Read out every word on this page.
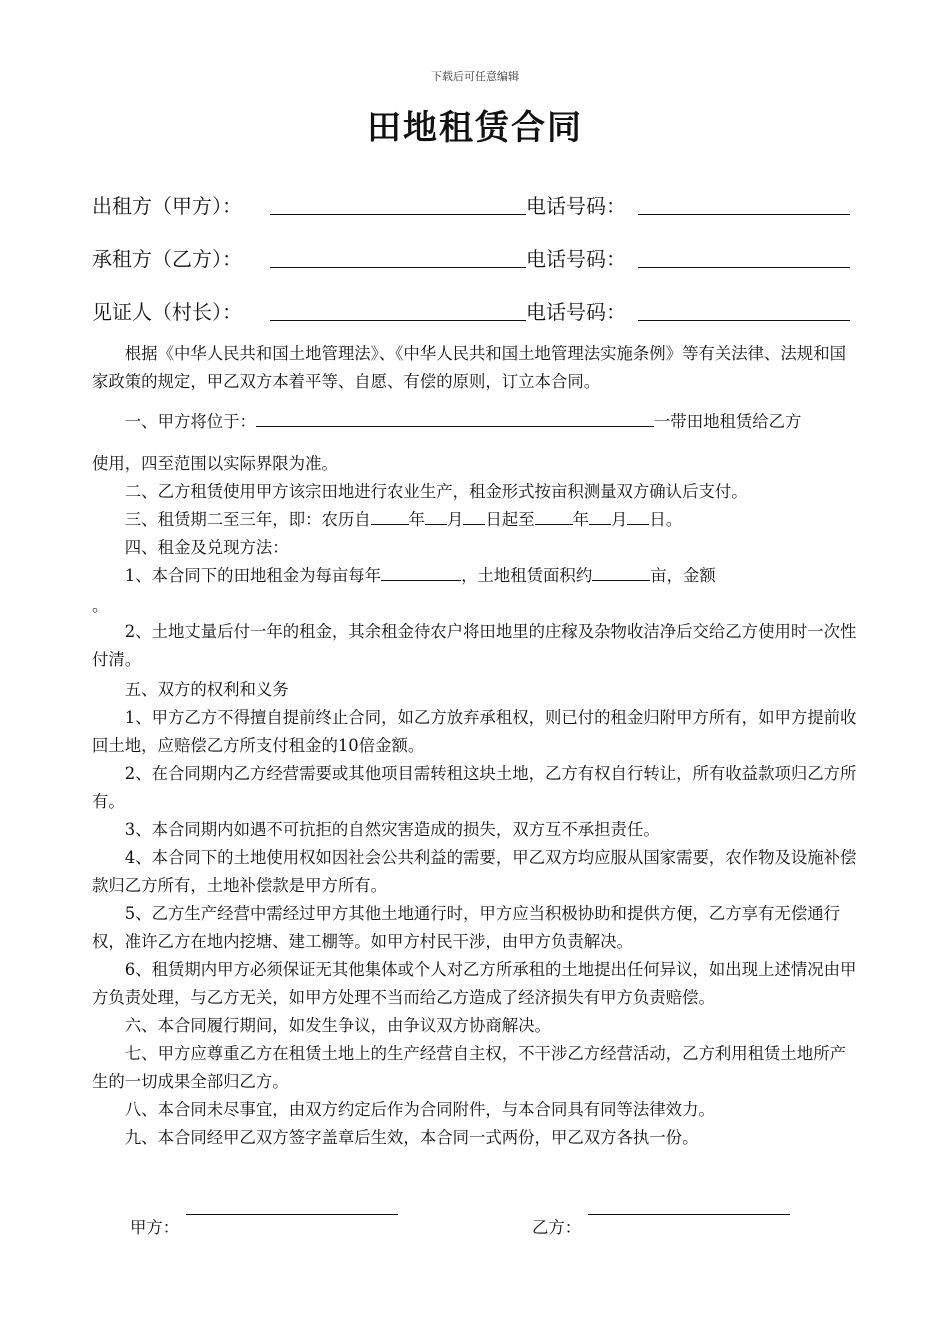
下载后可任意编辑
田地租赁合同
出租方（甲方）：	电话号码：
承租方（乙方）：	电话号码：
见证人（村长）：	电话号码：

根据《中华人民共和国土地管理法》、《中华人民共和国土地管理法实施条例》等有关法律、法规和国家政策的规定，甲乙双方本着平等、自愿、有偿的原则，订立本合同。

一、甲方将位于：	一带田地租赁给乙方

使用，四至范围以实际界限为准。

二、乙方租赁使用甲方该宗田地进行农业生产，租金形式按亩积测量双方确认后支付。

三、租赁期二至三年，即：农历自 年 月 日起至 年 月 日。

四、租金及兑现方法：

1、本合同下的田地租金为每亩每年	，土地租赁面积约	亩，金额

。

2、土地丈量后付一年的租金，其余租金待农户将田地里的庄稼及杂物收洁净后交给乙方使用时一次性付清。

五、双方的权利和义务

1、甲方乙方不得擅自提前终止合同，如乙方放弃承租权，则已付的租金归附甲方所有，如甲方提前收回土地，应赔偿乙方所支付租金的10倍金额。

2、在合同期内乙方经营需要或其他项目需转租这块土地，乙方有权自行转让，所有收益款项归乙方所有。

3、本合同期内如遇不可抗拒的自然灾害造成的损失，双方互不承担责任。

4、本合同下的土地使用权如因社会公共利益的需要，甲乙双方均应服从国家需要，农作物及设施补偿款归乙方所有，土地补偿款是甲方所有。

5、乙方生产经营中需经过甲方其他土地通行时，甲方应当积极协助和提供方便，乙方享有无偿通行权，准许乙方在地内挖塘、建工棚等。如甲方村民干涉，由甲方负责解决。

6、租赁期内甲方必须保证无其他集体或个人对乙方所承租的土地提出任何异议，如出现上述情况由甲方负责处理，与乙方无关，如甲方处理不当而给乙方造成了经济损失有甲方负责赔偿。

六、本合同履行期间，如发生争议，由争议双方协商解决。

七、甲方应尊重乙方在租赁土地上的生产经营自主权，不干涉乙方经营活动，乙方利用租赁土地所产生的一切成果全部归乙方。

八、本合同未尽事宜，由双方约定后作为合同附件，与本合同具有同等法律效力。

九、本合同经甲乙双方签字盖章后生效，本合同一式两份，甲乙双方各执一份。

甲方：	乙方：
